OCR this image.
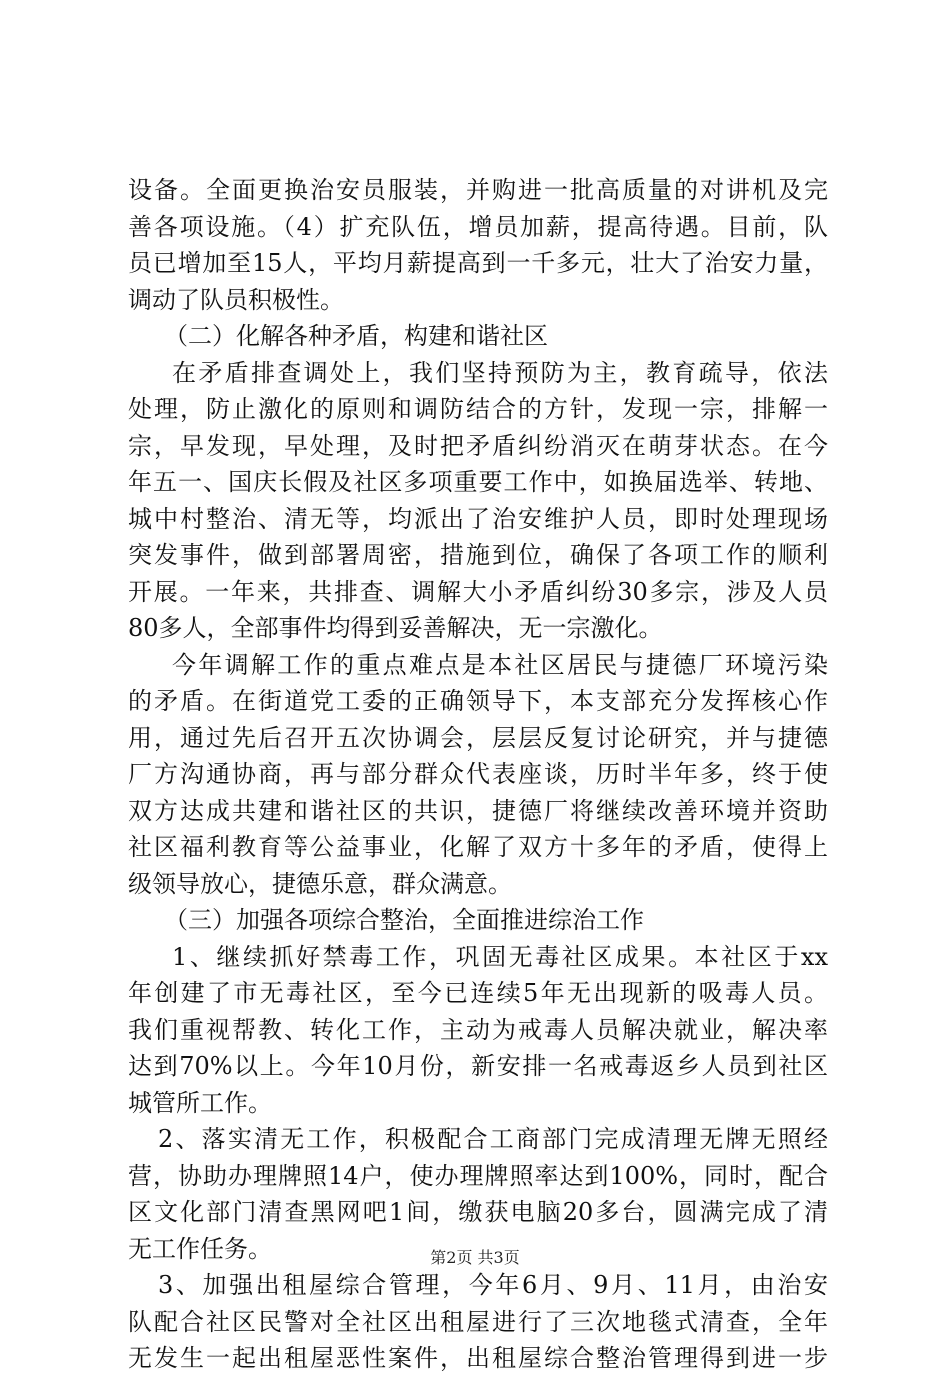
设备。全面更换治安员服装，并购进一批高质量的对讲机及完
善各项设施。（4）扩充队伍，增员加薪，提高待遇。目前，队
员已增加至15人，平均月薪提高到一千多元，壮大了治安力量，
调动了队员积极性。
（二）化解各种矛盾，构建和谐社区
在矛盾排查调处上，我们坚持预防为主，教育疏导，依法
处理，防止激化的原则和调防结合的方针，发现一宗，排解一
宗，早发现，早处理，及时把矛盾纠纷消灭在萌芽状态。在今
年五一、国庆长假及社区多项重要工作中，如换届选举、转地、
城中村整治、清无等，均派出了治安维护人员，即时处理现场
突发事件，做到部署周密，措施到位，确保了各项工作的顺利
开展。一年来，共排查、调解大小矛盾纠纷30多宗，涉及人员
80多人，全部事件均得到妥善解决，无一宗激化。
今年调解工作的重点难点是本社区居民与捷德厂环境污染
的矛盾。在街道党工委的正确领导下，本支部充分发挥核心作
用，通过先后召开五次协调会，层层反复讨论研究，并与捷德
厂方沟通协商，再与部分群众代表座谈，历时半年多，终于使
双方达成共建和谐社区的共识，捷德厂将继续改善环境并资助
社区福利教育等公益事业，化解了双方十多年的矛盾，使得上
级领导放心，捷德乐意，群众满意。
（三）加强各项综合整治，全面推进综治工作
1、继续抓好禁毒工作，巩固无毒社区成果。本社区于xx
年创建了市无毒社区，至今已连续5年无出现新的吸毒人员。
我们重视帮教、转化工作，主动为戒毒人员解决就业，解决率
达到70%以上。今年10月份，新安排一名戒毒返乡人员到社区
城管所工作。
2、落实清无工作，积极配合工商部门完成清理无牌无照经
营，协助办理牌照14户，使办理牌照率达到100%，同时，配合
区文化部门清查黑网吧1间，缴获电脑20多台，圆满完成了清
无工作任务。
3、加强出租屋综合管理，今年6月、9月、11月，由治安
队配合社区民警对全社区出租屋进行了三次地毯式清查，全年
无发生一起出租屋恶性案件，出租屋综合整治管理得到进一步
第2页 共3页
